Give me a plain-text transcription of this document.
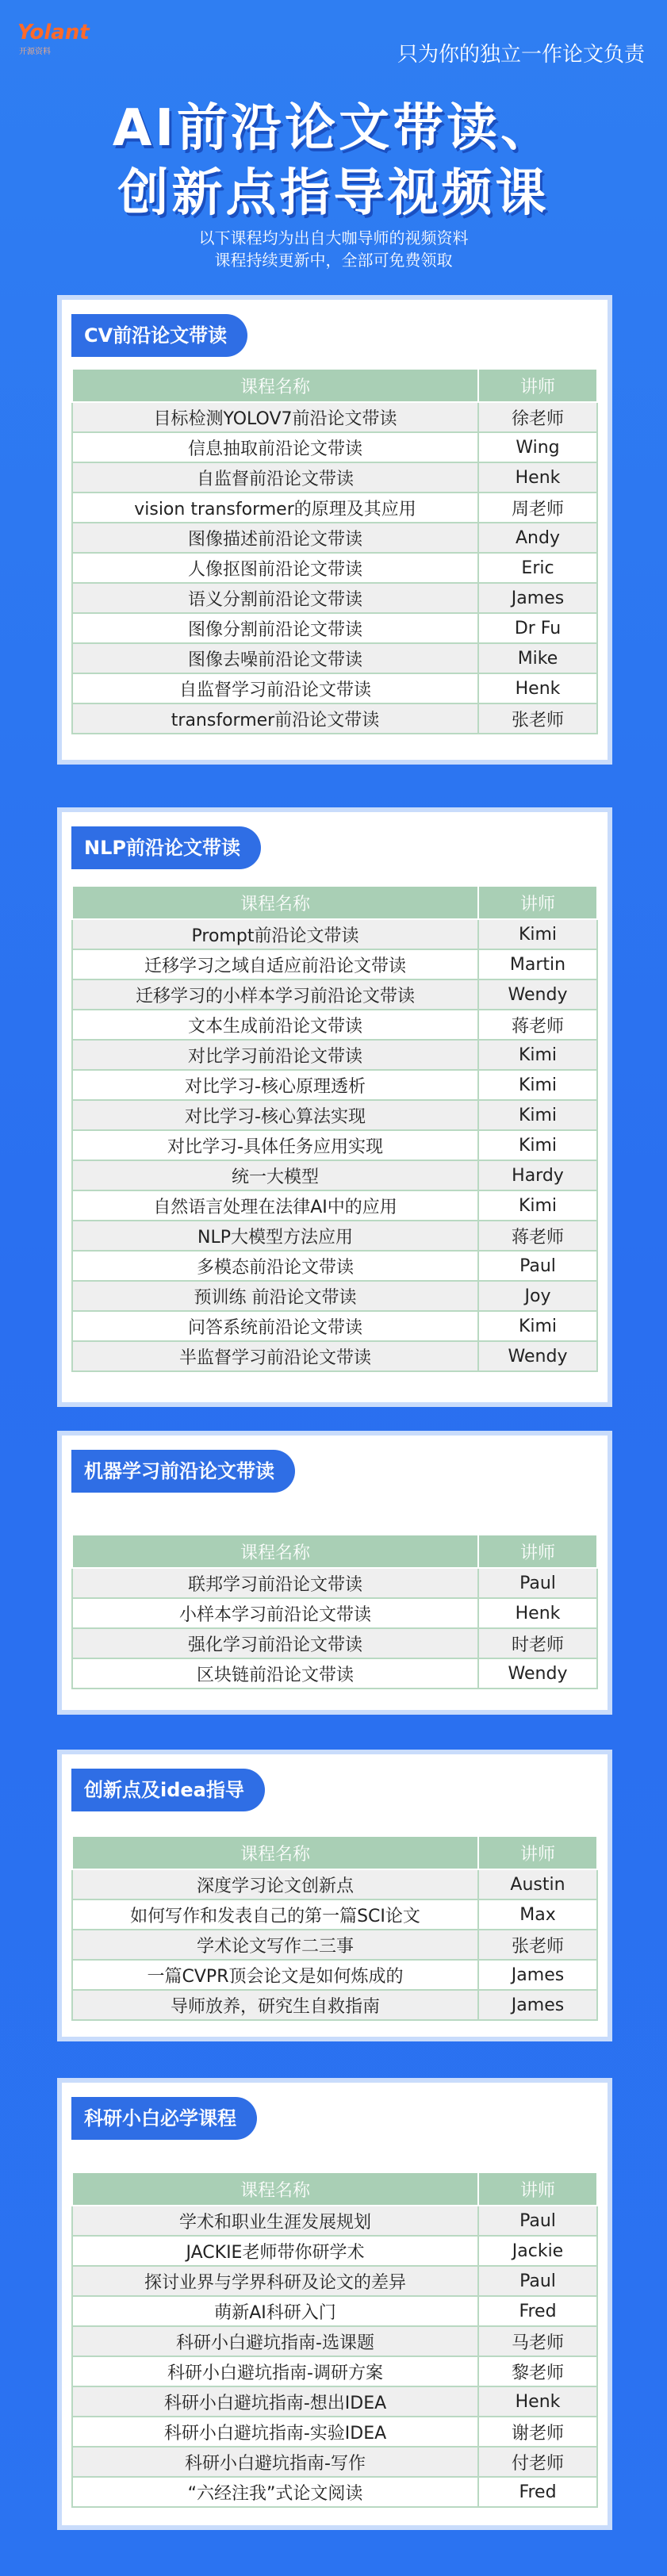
Yolant
开源资料	只为你的独立一作论文负责
AI前沿论文带读、
创新点指导视频课
以下课程均为出自大咖导师的视频资料
课程持续更新中，全部可免费领取
CV前沿论文带读
课程名称	讲师
目标检测YOLOV7前沿论文带读	徐老师
信息抽取前沿论文带读	Wing
自监督前沿论文带读	Henk
vision transformer的原理及其应用	周老师
图像描述前沿论文带读	Andy
人像抠图前沿论文带读	Eric
语义分割前沿论文带读	James
图像分割前沿论文带读	Dr Fu
图像去噪前沿论文带读	Mike
自监督学习前沿论文带读	Henk
transformer前沿论文带读	张老师
NLP前沿论文带读
课程名称	讲师
Prompt前沿论文带读	Kimi
迁移学习之域自适应前沿论文带读	Martin
迁移学习的小样本学习前沿论文带读	Wendy
文本生成前沿论文带读	蒋老师
对比学习前沿论文带读	Kimi
对比学习-核心原理透析	Kimi
对比学习-核心算法实现	Kimi
对比学习-具体任务应用实现	Kimi
统一大模型	Hardy
自然语言处理在法律AI中的应用	Kimi
NLP大模型方法应用	蒋老师
多模态前沿论文带读	Paul
预训练 前沿论文带读	Joy
问答系统前沿论文带读	Kimi
半监督学习前沿论文带读	Wendy
机器学习前沿论文带读
课程名称	讲师
联邦学习前沿论文带读	Paul
小样本学习前沿论文带读	Henk
强化学习前沿论文带读	时老师
区块链前沿论文带读	Wendy
创新点及idea指导
课程名称	讲师
深度学习论文创新点	Austin
如何写作和发表自己的第一篇SCI论文	Max
学术论文写作二三事	张老师
一篇CVPR顶会论文是如何炼成的	James
导师放养，研究生自救指南	James
科研小白必学课程
课程名称	讲师
学术和职业生涯发展规划	Paul
JACKIE老师带你研学术	Jackie
探讨业界与学界科研及论文的差异	Paul
萌新AI科研入门	Fred
科研小白避坑指南-选课题	马老师
科研小白避坑指南-调研方案	黎老师
科研小白避坑指南-想出IDEA	Henk
科研小白避坑指南-实验IDEA	谢老师
科研小白避坑指南-写作	付老师
“六经注我”式论文阅读	Fred
